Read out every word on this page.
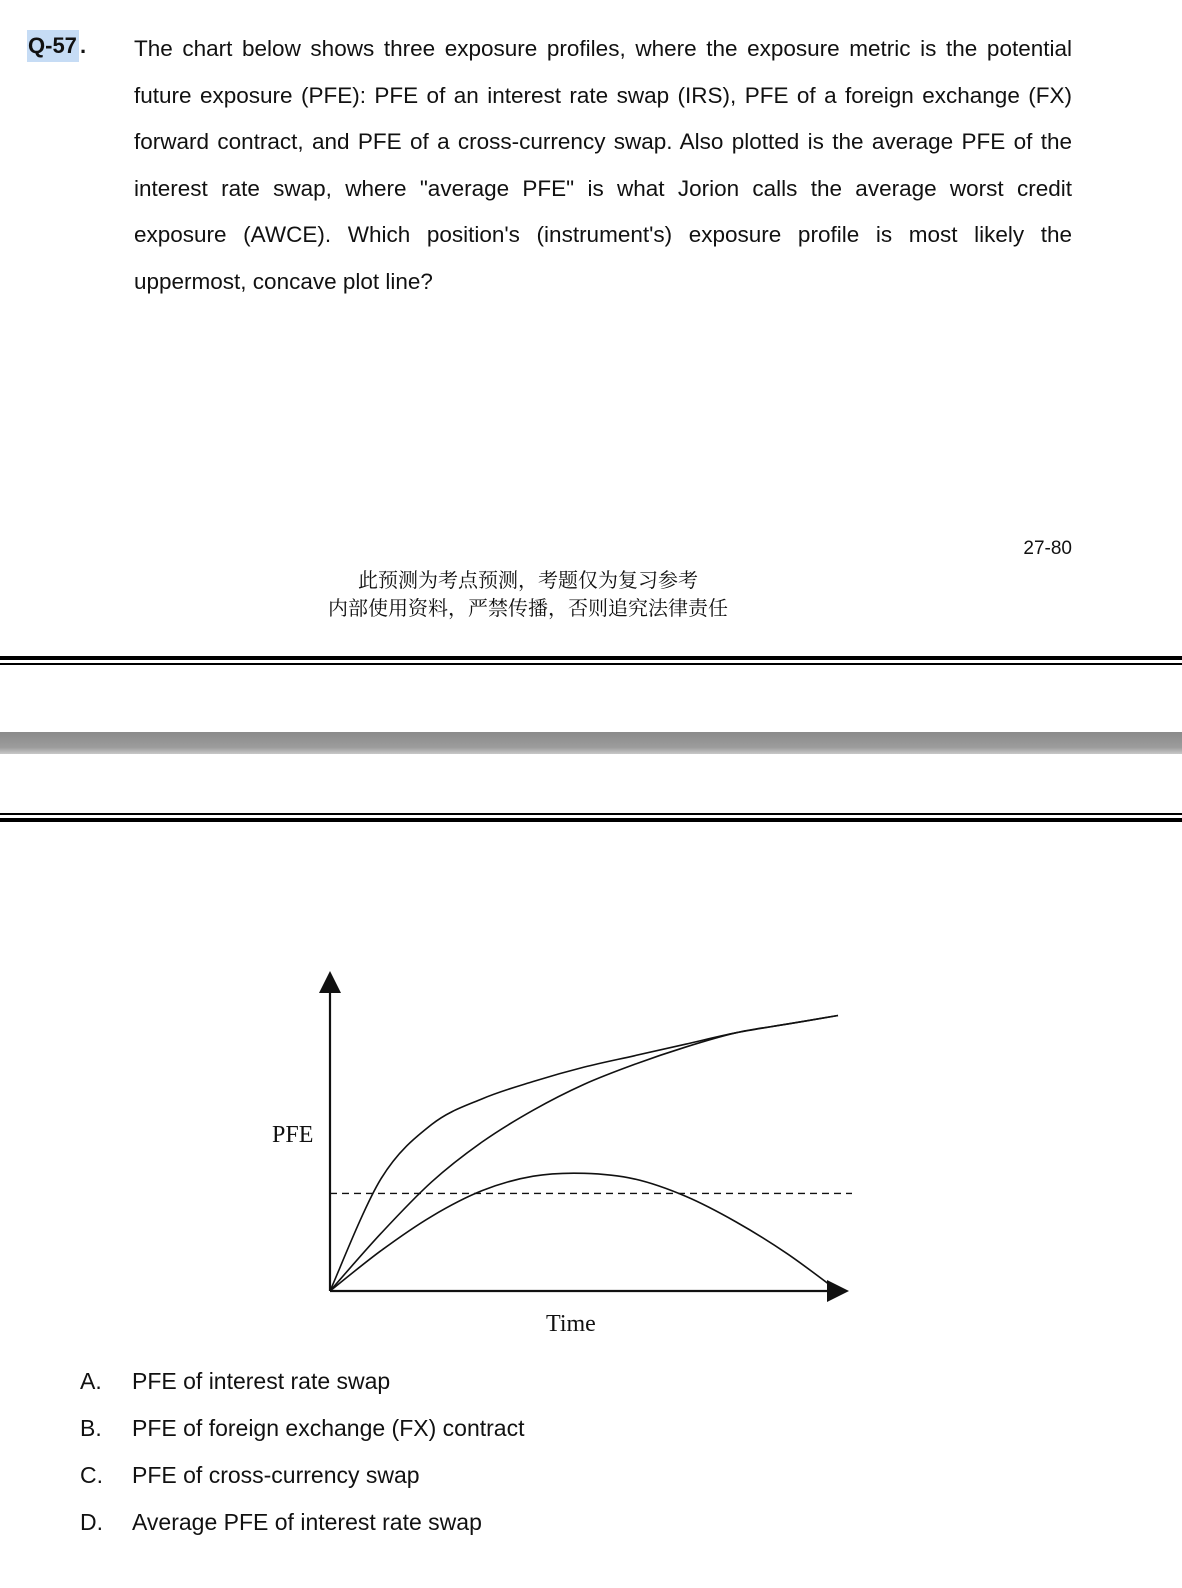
Q-57 . The chart below shows three exposure profiles, where the exposure metric is the potential future exposure (PFE): PFE of an interest rate swap (IRS), PFE of a foreign exchange (FX) forward contract, and PFE of a cross-currency swap. Also plotted is the average PFE of the interest rate swap, where "average PFE" is what Jorion calls the average worst credit exposure (AWCE). Which position's (instrument's) exposure profile is most likely the uppermost, concave plot line?

27-80
此预测为考点预测，考题仅为复习参考
内部使用资料，严禁传播，否则追究法律责任
PFE
Time
A. PFE of interest rate swap
B. PFE of foreign exchange (FX) contract
C. PFE of cross-currency swap
D. Average PFE of interest rate swap
